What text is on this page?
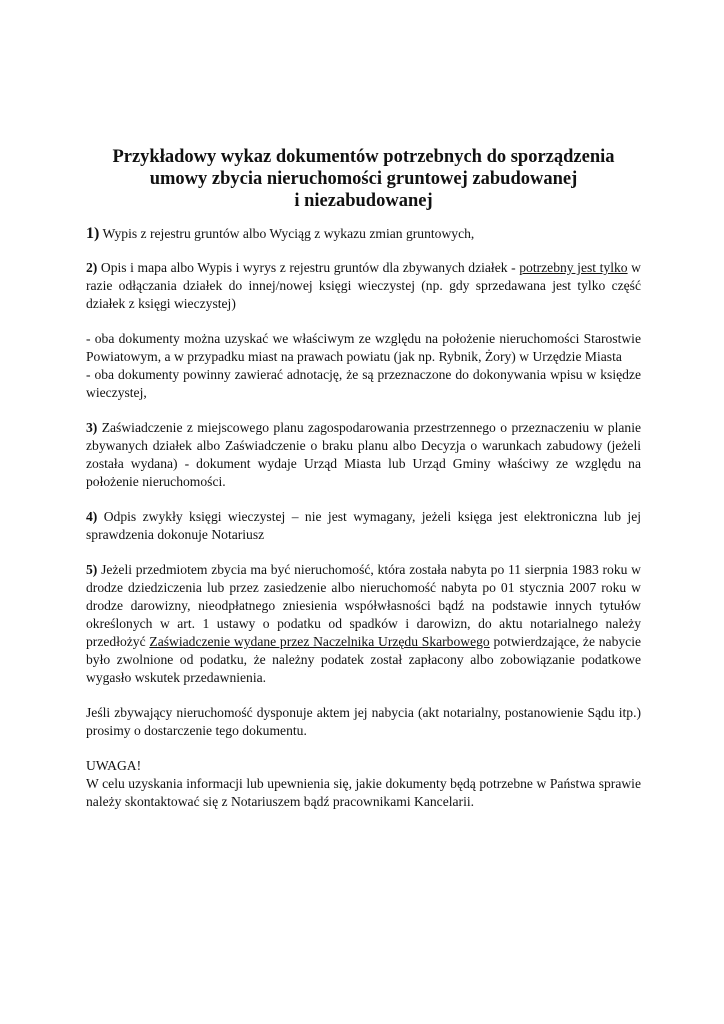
Przykładowy wykaz dokumentów potrzebnych do sporządzenia
umowy zbycia nieruchomości gruntowej zabudowanej
i niezabudowanej

1) Wypis z rejestru gruntów albo Wyciąg z wykazu zmian gruntowych,

2) Opis i mapa albo Wypis i wyrys z rejestru gruntów dla zbywanych działek - potrzebny jest tylko w razie odłączania działek do innej/nowej księgi wieczystej (np. gdy sprzedawana jest tylko część działek z księgi wieczystej)

- oba dokumenty można uzyskać we właściwym ze względu na położenie nieruchomości Starostwie Powiatowym, a w przypadku miast na prawach powiatu (jak np. Rybnik, Żory) w Urzędzie Miasta

- oba dokumenty powinny zawierać adnotację, że są przeznaczone do dokonywania wpisu w księdze wieczystej,

3) Zaświadczenie z miejscowego planu zagospodarowania przestrzennego o przeznaczeniu w planie zbywanych działek albo Zaświadczenie o braku planu albo Decyzja o warunkach zabudowy (jeżeli została wydana) - dokument wydaje Urząd Miasta lub Urząd Gminy właściwy ze względu na położenie nieruchomości.

4) Odpis zwykły księgi wieczystej – nie jest wymagany, jeżeli księga jest elektroniczna lub jej sprawdzenia dokonuje Notariusz

5) Jeżeli przedmiotem zbycia ma być nieruchomość, która została nabyta po 11 sierpnia 1983 roku w drodze dziedziczenia lub przez zasiedzenie albo nieruchomość nabyta po 01 stycznia 2007 roku w drodze darowizny, nieodpłatnego zniesienia współwłasności bądź na podstawie innych tytułów określonych w art. 1 ustawy o podatku od spadków i darowizn, do aktu notarialnego należy przedłożyć Zaświadczenie wydane przez Naczelnika Urzędu Skarbowego potwierdzające, że nabycie było zwolnione od podatku, że należny podatek został zapłacony albo zobowiązanie podatkowe wygasło wskutek przedawnienia.

Jeśli zbywający nieruchomość dysponuje aktem jej nabycia (akt notarialny, postanowienie Sądu itp.) prosimy o dostarczenie tego dokumentu.

UWAGA!
W celu uzyskania informacji lub upewnienia się, jakie dokumenty będą potrzebne w Państwa sprawie należy skontaktować się z Notariuszem bądź pracownikami Kancelarii.
